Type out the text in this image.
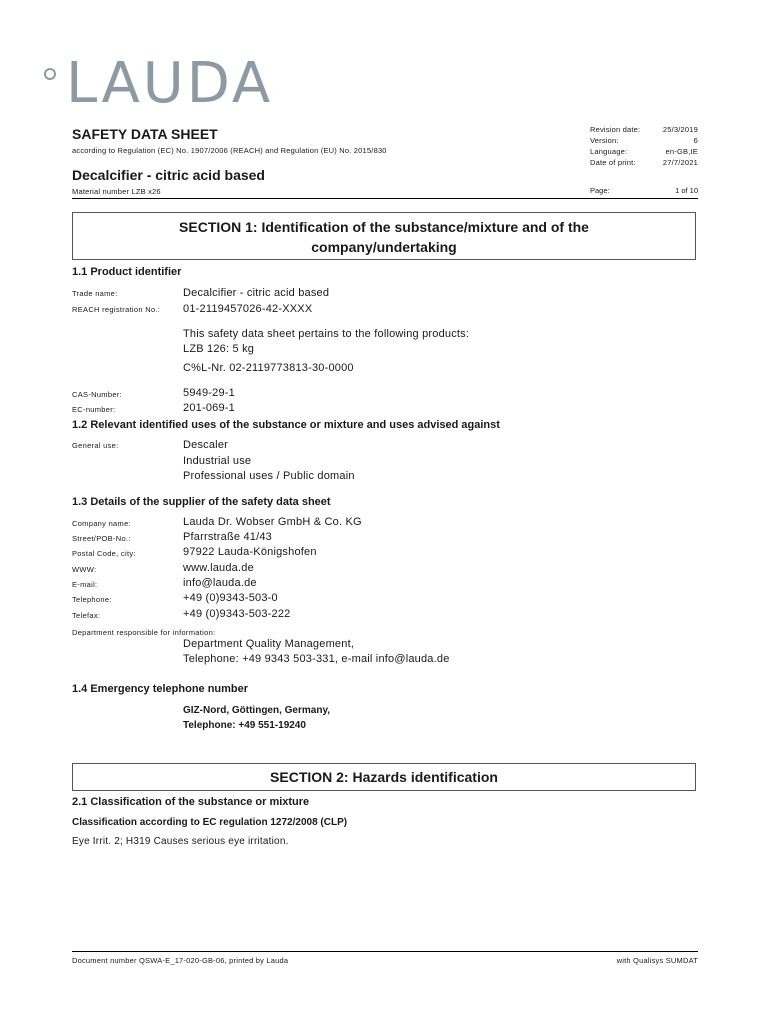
LAUDA
SAFETY DATA SHEET
according to Regulation (EC) No. 1907/2006 (REACH) and Regulation (EU) No. 2015/830
Decalcifier - citric acid based
Material number LZB x26
Revision date:	25/3/2019
Version:	6
Language:	en-GB,IE
Date of print:	27/7/2021
Page:	1 of 10
SECTION 1: Identification of the substance/mixture and of the
company/undertaking
1.1 Product identifier
Trade name:	Decalcifier - citric acid based
REACH registration No.: 01-2119457026-42-XXXX
This safety data sheet pertains to the following products:
LZB 126: 5 kg
C%L-Nr. 02-2119773813-30-0000
CAS-Number:	5949-29-1
EC-number:	201-069-1
1.2 Relevant identified uses of the substance or mixture and uses advised against
General use:	Descaler
Industrial use
Professional uses / Public domain
1.3 Details of the supplier of the safety data sheet
Company name:	Lauda Dr. Wobser GmbH & Co. KG
Street/POB-No.:	Pfarrstraße 41/43
Postal Code, city:	97922 Lauda-Königshofen
WWW:	www.lauda.de
E-mail:	info@lauda.de
Telephone:	+49 (0)9343-503-0
Telefax:	+49 (0)9343-503-222
Department responsible for information:
Department Quality Management,
Telephone: +49 9343 503-331, e-mail info@lauda.de
1.4 Emergency telephone number
GIZ-Nord, Göttingen, Germany,
Telephone: +49 551-19240
SECTION 2: Hazards identification
2.1 Classification of the substance or mixture
Classification according to EC regulation 1272/2008 (CLP)
Eye Irrit. 2; H319 Causes serious eye irritation.
Document number QSWA-E_17-020-GB-06, printed by Lauda	with Qualisys SUMDAT
